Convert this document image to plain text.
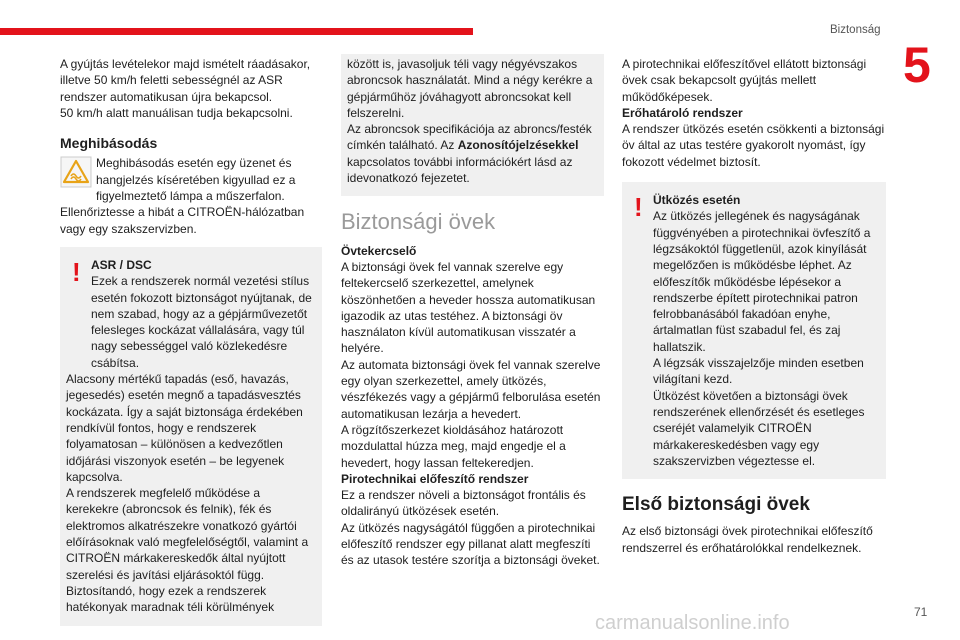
Biztonság
5

A gyújtás levételekor majd ismételt ráadásakor, illetve 50 km/h feletti sebességnél az ASR rendszer automatikusan újra bekapcsol.

50 km/h alatt manuálisan tudja bekapcsolni.

Meghibásodás

Meghibásodás esetén egy üzenet és hangjelzés kíséretében kigyullad ez a figyelmeztető lámpa a műszerfalon.

Ellenőriztesse a hibát a CITROËN-hálózatban vagy egy szakszervizben.

! ASR / DSC

Ezek a rendszerek normál vezetési stílus esetén fokozott biztonságot nyújtanak, de nem szabad, hogy az a gépjárművezetőt felesleges kockázat vállalására, vagy túl nagy sebességgel való közlekedésre csábítsa.

Alacsony mértékű tapadás (eső, havazás, jegesedés) esetén megnő a tapadásvesztés kockázata. Így a saját biztonsága érdekében rendkívül fontos, hogy e rendszerek folyamatosan – különösen a kedvezőtlen időjárási viszonyok esetén – be legyenek kapcsolva.

A rendszerek megfelelő működése a kerekekre (abroncsok és felnik), fék és elektromos alkatrészekre vonatkozó gyártói előírásoknak való megfelelőségtől, valamint a CITROËN márkakereskedők által nyújtott szerelési és javítási eljárásoktól függ.

Biztosítandó, hogy ezek a rendszerek hatékonyak maradnak téli körülmények

között is, javasoljuk téli vagy négyévszakos abroncsok használatát. Mind a négy kerékre a gépjárműhöz jóváhagyott abroncsokat kell felszerelni.

Az abroncsok specifikációja az abroncs/festék címkén található. Az Azonosítójelzésekkel kapcsolatos további információkért lásd az idevonatkozó fejezetet.

Biztonsági övek

Övtekercselő

A biztonsági övek fel vannak szerelve egy feltekercselő szerkezettel, amelynek köszönhetően a heveder hossza automatikusan igazodik az utas testéhez. A biztonsági öv használaton kívül automatikusan visszatér a helyére.

Az automata biztonsági övek fel vannak szerelve egy olyan szerkezettel, amely ütközés, vészfékezés vagy a gépjármű felborulása esetén automatikusan lezárja a hevedert.

A rögzítőszerkezet kioldásához határozott mozdulattal húzza meg, majd engedje el a hevedert, hogy lassan feltekeredjen.

Pirotechnikai előfeszítő rendszer

Ez a rendszer növeli a biztonságot frontális és oldalirányú ütközések esetén.

Az ütközés nagyságától függően a pirotechnikai előfeszítő rendszer egy pillanat alatt megfeszíti és az utasok testére szorítja a biztonsági öveket.

A pirotechnikai előfeszítővel ellátott biztonsági övek csak bekapcsolt gyújtás mellett működőképesek.

Erőhatároló rendszer

A rendszer ütközés esetén csökkenti a biztonsági öv által az utas testére gyakorolt nyomást, így fokozott védelmet biztosít.

! Ütközés esetén

Az ütközés jellegének és nagyságának függvényében a pirotechnikai övfeszítő a légzsákoktól függetlenül, azok kinyílását megelőzően is működésbe léphet. Az előfeszítők működésbe lépésekor a rendszerbe épített pirotechnikai patron felrobbanásából fakadóan enyhe, ártalmatlan füst szabadul fel, és zaj hallatszik.

A légzsák visszajelzője minden esetben világítani kezd.

Ütközést követően a biztonsági övek rendszerének ellenőrzését és esetleges cseréjét valamelyik CITROËN márkakereskedésben vagy egy szakszervizben végeztesse el.

Első biztonsági övek

Az első biztonsági övek pirotechnikai előfeszítő rendszerrel és erőhatárolókkal rendelkeznek.

carmanualsonline.info	71
